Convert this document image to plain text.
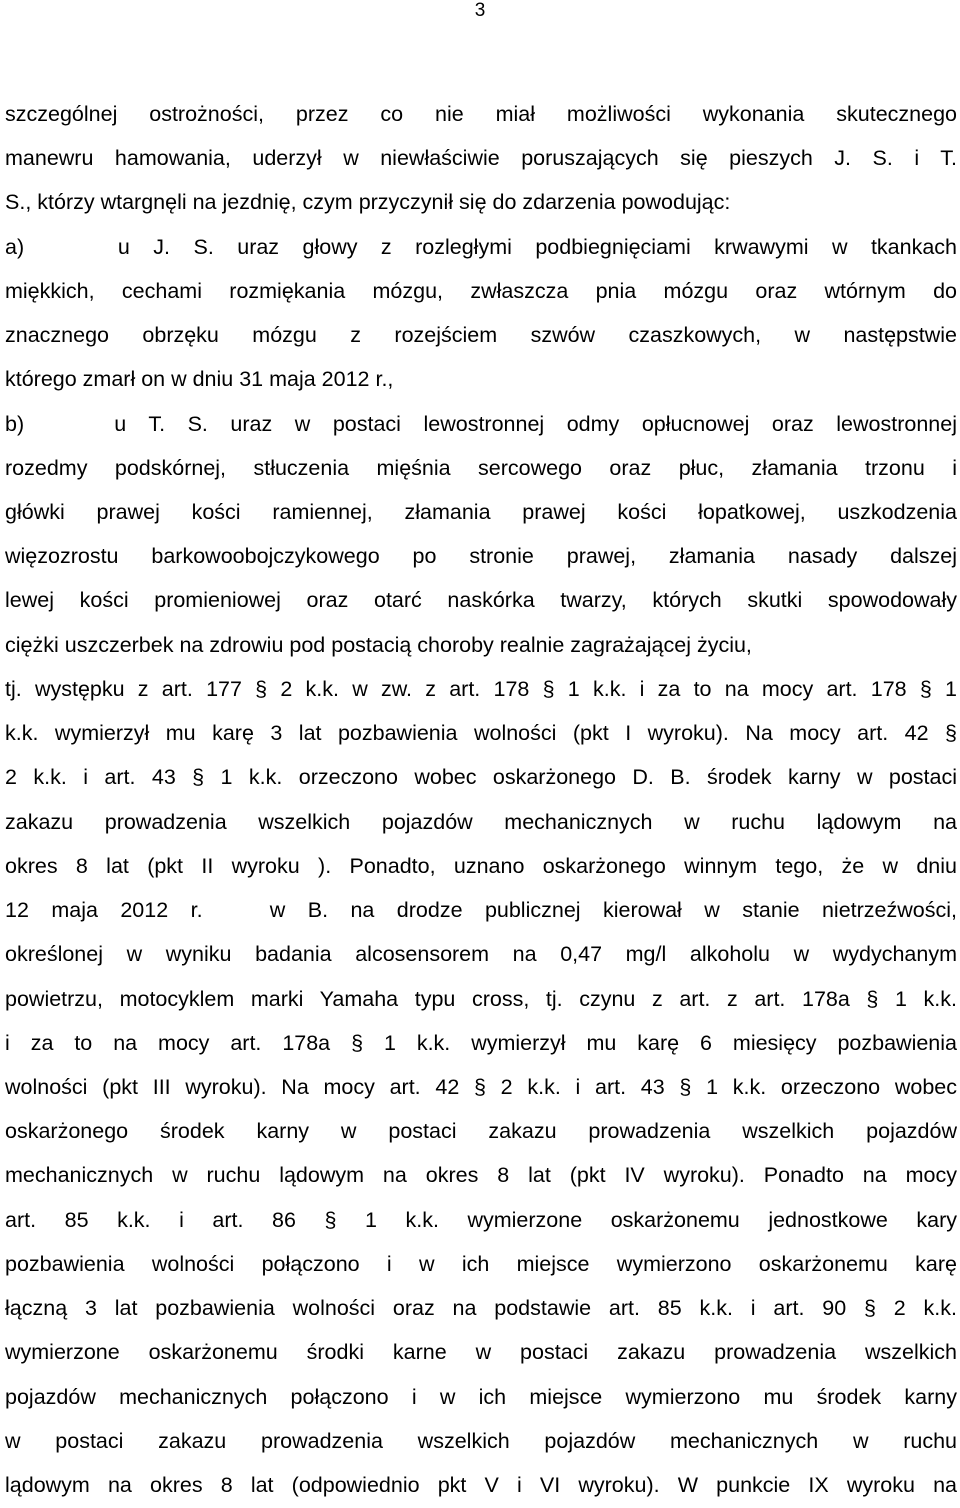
3
szczególnej ostrożności, przez co nie miał możliwości wykonania skutecznego
manewru hamowania, uderzył w niewłaściwie poruszających się pieszych J. S. i T.
S., którzy wtargnęli na jezdnię, czym przyczynił się do zdarzenia powodując:
a)    u J. S. uraz głowy z rozległymi podbiegnięciami krwawymi w tkankach
miękkich, cechami rozmiękania mózgu, zwłaszcza pnia mózgu oraz wtórnym do
znacznego obrzęku mózgu z rozejściem szwów czaszkowych, w następstwie
którego zmarł on w dniu 31 maja 2012 r.,
b)    u T. S. uraz w postaci lewostronnej odmy opłucnowej oraz lewostronnej
rozedmy podskórnej, stłuczenia mięśnia sercowego oraz płuc, złamania trzonu i
główki prawej kości ramiennej, złamania prawej kości łopatkowej, uszkodzenia
więzozrostu barkowoobojczykowego po stronie prawej, złamania nasady dalszej
lewej kości promieniowej oraz otarć naskórka twarzy, których skutki spowodowały
ciężki uszczerbek na zdrowiu pod postacią choroby realnie zagrażającej życiu,
tj. występku z art. 177 § 2 k.k. w zw. z art. 178 § 1 k.k. i za to na mocy art. 178 § 1
k.k. wymierzył mu karę 3 lat pozbawienia wolności (pkt I wyroku). Na mocy art. 42 §
2 k.k. i art. 43 § 1 k.k. orzeczono wobec oskarżonego D. B. środek karny w postaci
zakazu prowadzenia wszelkich pojazdów mechanicznych w ruchu lądowym na
okres 8 lat (pkt II wyroku ). Ponadto, uznano oskarżonego winnym tego, że w dniu
12 maja 2012 r.   w B. na drodze publicznej kierował w stanie nietrzeźwości,
określonej w wyniku badania alcosensorem na 0,47 mg/l alkoholu w wydychanym
powietrzu, motocyklem marki Yamaha typu cross, tj. czynu z art. z art. 178a § 1 k.k.
i za to na mocy art. 178a § 1 k.k. wymierzył mu karę 6 miesięcy pozbawienia
wolności (pkt III wyroku). Na mocy art. 42 § 2 k.k. i art. 43 § 1 k.k. orzeczono wobec
oskarżonego środek karny w postaci zakazu prowadzenia wszelkich pojazdów
mechanicznych w ruchu lądowym na okres 8 lat (pkt IV wyroku). Ponadto na mocy
art. 85 k.k. i art. 86 § 1 k.k. wymierzone oskarżonemu jednostkowe kary
pozbawienia wolności połączono i w ich miejsce wymierzono oskarżonemu karę
łączną 3 lat pozbawienia wolności oraz na podstawie art. 85 k.k. i art. 90 § 2 k.k.
wymierzone oskarżonemu środki karne w postaci zakazu prowadzenia wszelkich
pojazdów mechanicznych połączono i w ich miejsce wymierzono mu środek karny
w postaci zakazu prowadzenia wszelkich pojazdów mechanicznych w ruchu
lądowym na okres 8 lat (odpowiednio pkt V i VI wyroku). W punkcie IX wyroku na
